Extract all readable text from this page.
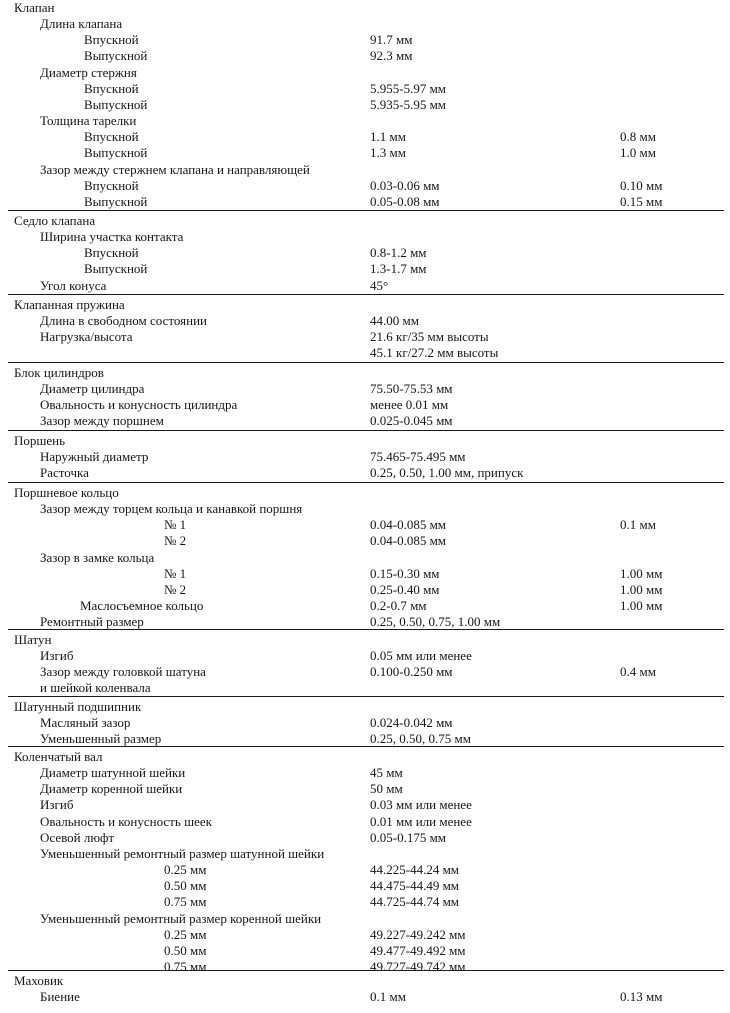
Клапан
Длина клапана
Впускной	91.7 мм
Выпускной	92.3 мм
Диаметр стержня
Впускной	5.955-5.97 мм
Выпускной	5.935-5.95 мм
Толщина тарелки
Впускной	1.1 мм	0.8 мм
Выпускной	1.3 мм	1.0 мм
Зазор между стержнем клапана и направляющей
Впускной	0.03-0.06 мм	0.10 мм
Выпускной	0.05-0.08 мм	0.15 мм
Седло клапана
Ширина участка контакта
Впускной	0.8-1.2 мм
Выпускной	1.3-1.7 мм
Угол конуса	45°
Клапанная пружина
Длина в свободном состоянии	44.00 мм
Нагрузка/высота	21.6 кг/35 мм высоты
45.1 кг/27.2 мм высоты
Блок цилиндров
Диаметр цилиндра	75.50-75.53 мм
Овальность и конусность цилиндра	менее 0.01 мм
Зазор между поршнем	0.025-0.045 мм
Поршень
Наружный диаметр	75.465-75.495 мм
Расточка	0.25, 0.50, 1.00 мм, припуск
Поршневое кольцо
Зазор между торцем кольца и канавкой поршня
№ 1	0.04-0.085 мм	0.1 мм
№ 2	0.04-0.085 мм
Зазор в замке кольца
№ 1	0.15-0.30 мм	1.00 мм
№ 2	0.25-0.40 мм	1.00 мм
Маслосъемное кольцо	0.2-0.7 мм	1.00 мм
Ремонтный размер	0.25, 0.50, 0.75, 1.00 мм
Шатун
Изгиб	0.05 мм или менее
Зазор между головкой шатуна	0.100-0.250 мм	0.4 мм
и шейкой коленвала
Шатунный подшипник
Масляный зазор	0.024-0.042 мм
Уменьшенный размер	0.25, 0.50, 0.75 мм
Коленчатый вал
Диаметр шатунной шейки	45 мм
Диаметр коренной шейки	50 мм
Изгиб	0.03 мм или менее
Овальность и конусность шеек	0.01 мм или менее
Осевой люфт	0.05-0.175 мм
Уменьшенный ремонтный размер шатунной шейки
0.25 мм	44.225-44.24 мм
0.50 мм	44.475-44.49 мм
0.75 мм	44.725-44.74 мм
Уменьшенный ремонтный размер коренной шейки
0.25 мм	49.227-49.242 мм
0.50 мм	49.477-49.492 мм
0.75 мм	49.727-49.742 мм
Маховик
Биение	0.1 мм	0.13 мм
